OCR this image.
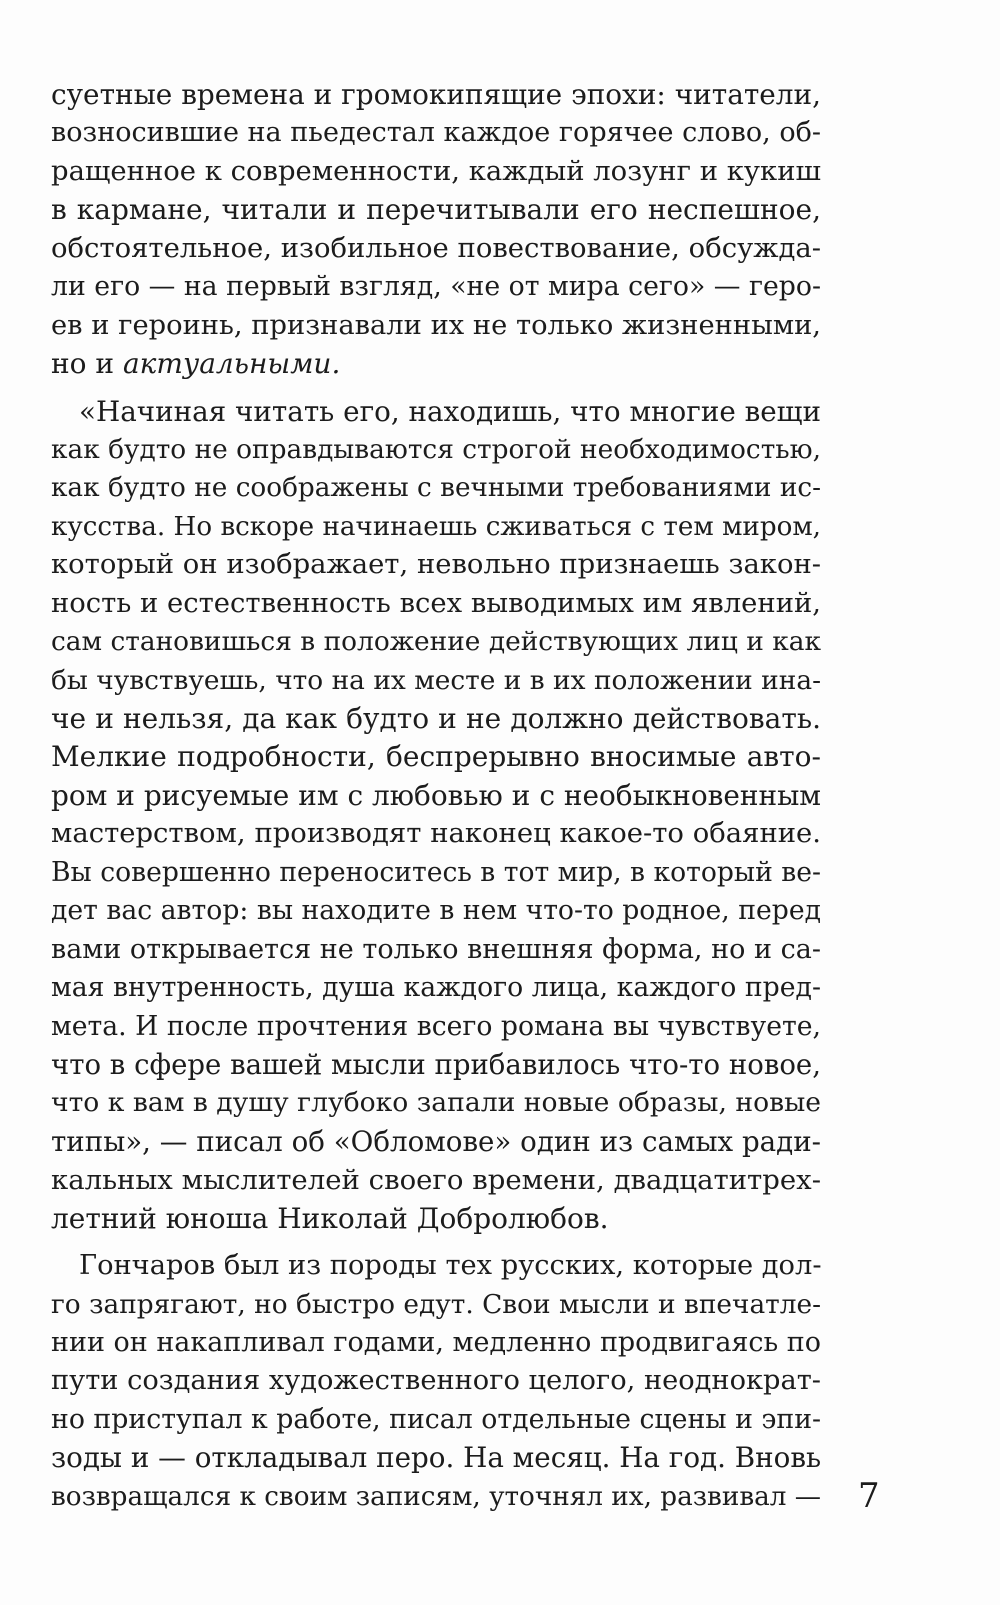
суетные времена и громокипящие эпохи: читатели,
возносившие на пьедестал каждое горячее слово, об-
ращенное к современности, каждый лозунг и кукиш
в кармане, читали и перечитывали его неспешное,
обстоятельное, изобильное повествование, обсужда-
ли его — на первый взгляд, «не от мира сего» — геро-
ев и героинь, признавали их не только жизненными,
но и актуальными.
«Начиная читать его, находишь, что многие вещи
как будто не оправдываются строгой необходимостью,
как будто не соображены с вечными требованиями ис-
кусства. Но вскоре начинаешь сживаться с тем миром,
который он изображает, невольно признаешь закон-
ность и естественность всех выводимых им явлений,
сам становишься в положение действующих лиц и как
бы чувствуешь, что на их месте и в их положении ина-
че и нельзя, да как будто и не должно действовать.
Мелкие подробности, беспрерывно вносимые авто-
ром и рисуемые им с любовью и с необыкновенным
мастерством, производят наконец какое-то обаяние.
Вы совершенно переноситесь в тот мир, в который ве-
дет вас автор: вы находите в нем что-то родное, перед
вами открывается не только внешняя форма, но и са-
мая внутренность, душа каждого лица, каждого пред-
мета. И после прочтения всего романа вы чувствуете,
что в сфере вашей мысли прибавилось что-то новое,
что к вам в душу глубоко запали новые образы, новые
типы», — писал об «Обломове» один из самых ради-
кальных мыслителей своего времени, двадцатитрех-
летний юноша Николай Добролюбов.
Гончаров был из породы тех русских, которые дол-
го запрягают, но быстро едут. Свои мысли и впечатле-
нии он накапливал годами, медленно продвигаясь по
пути создания художественного целого, неоднократ-
но приступал к работе, писал отдельные сцены и эпи-
зоды и — откладывал перо. На месяц. На год. Вновь
возвращался к своим записям, уточнял их, развивал — 7
